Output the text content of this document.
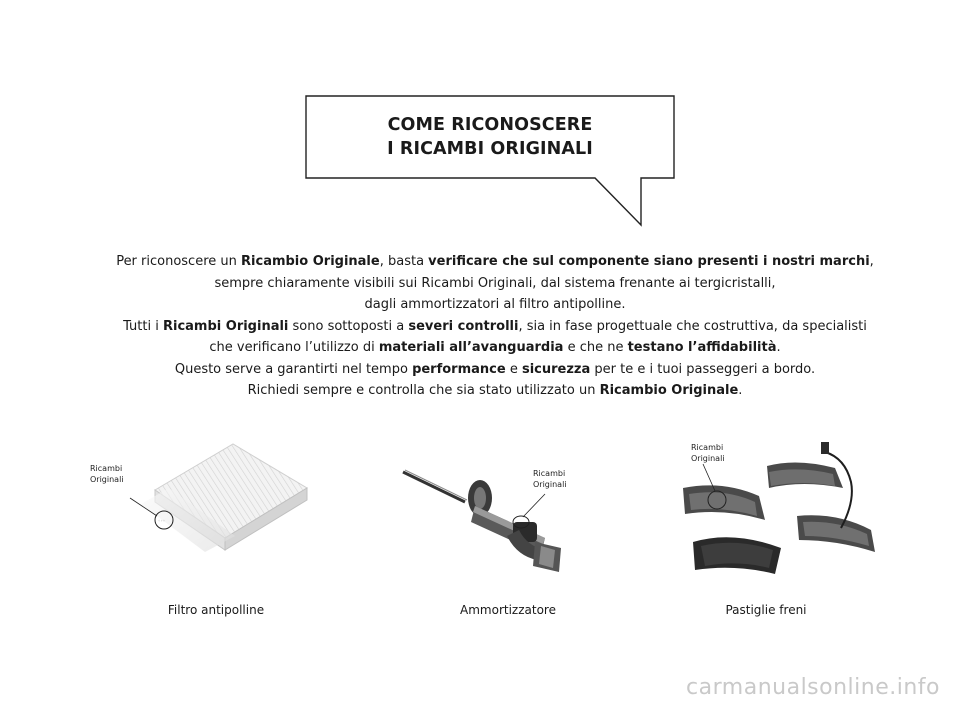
COME RICONOSCERE
I RICAMBI ORIGINALI
Per riconoscere un Ricambio Originale, basta verificare che sul componente siano presenti i nostri marchi,
sempre chiaramente visibili sui Ricambi Originali, dal sistema frenante ai tergicristalli,
dagli ammortizzatori al filtro antipolline.
Tutti i Ricambi Originali sono sottoposti a severi controlli, sia in fase progettuale che costruttiva, da specialisti
che verificano l’utilizzo di materiali all’avanguardia e che ne testano l’affidabilità.
Questo serve a garantirti nel tempo performance e sicurezza per te e i tuoi passeggeri a bordo.
Richiedi sempre e controlla che sia stato utilizzato un Ricambio Originale.
◦◦◦
Ricambi
Originali
Filtro antipolline
Ricambi
Originali
Ammortizzatore
Ricambi
Originali
Pastiglie freni
carmanualsonline.info
